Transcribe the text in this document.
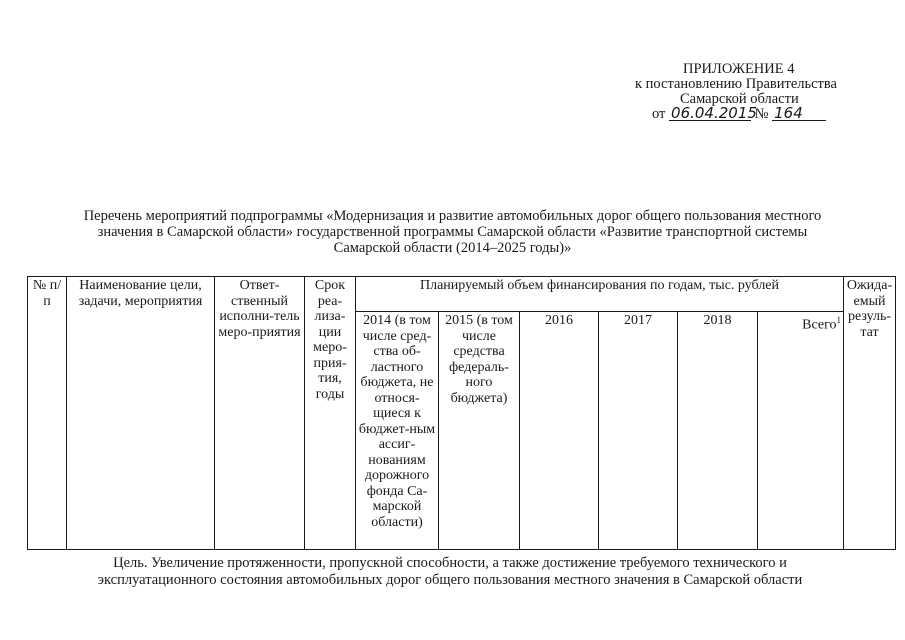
ПРИЛОЖЕНИЕ 4
к постановлению Правительства
Самарской области
от 06.04.2015 № 164
Перечень мероприятий подпрограммы «Модернизация и развитие автомобильных дорог общего пользования местного
значения в Самарской области» государственной программы Самарской области «Развитие транспортной системы
Самарской области (2014–2025 годы)»
№ п/п	Наименование цели, задачи, мероприятия	Ответ-ственный исполни-тель меро-приятия	Срок реа-лиза-ции меро-прия-тия, годы	Планируемый объем финансирования по годам, тыс. рублей						Ожида-емый резуль-тат
				2014 (в том числе сред-ства об-ластного бюджета, не относя-щиеся к бюджет-ным ассиг-нованиям дорожного фонда Са-марской области)	2015 (в том числе средства федераль-ного бюджета)	2016	2017	2018	Всего$^1$
Цель. Увеличение протяженности, пропускной способности, а также достижение требуемого технического и
эксплуатационного состояния автомобильных дорог общего пользования местного значения в Самарской области
